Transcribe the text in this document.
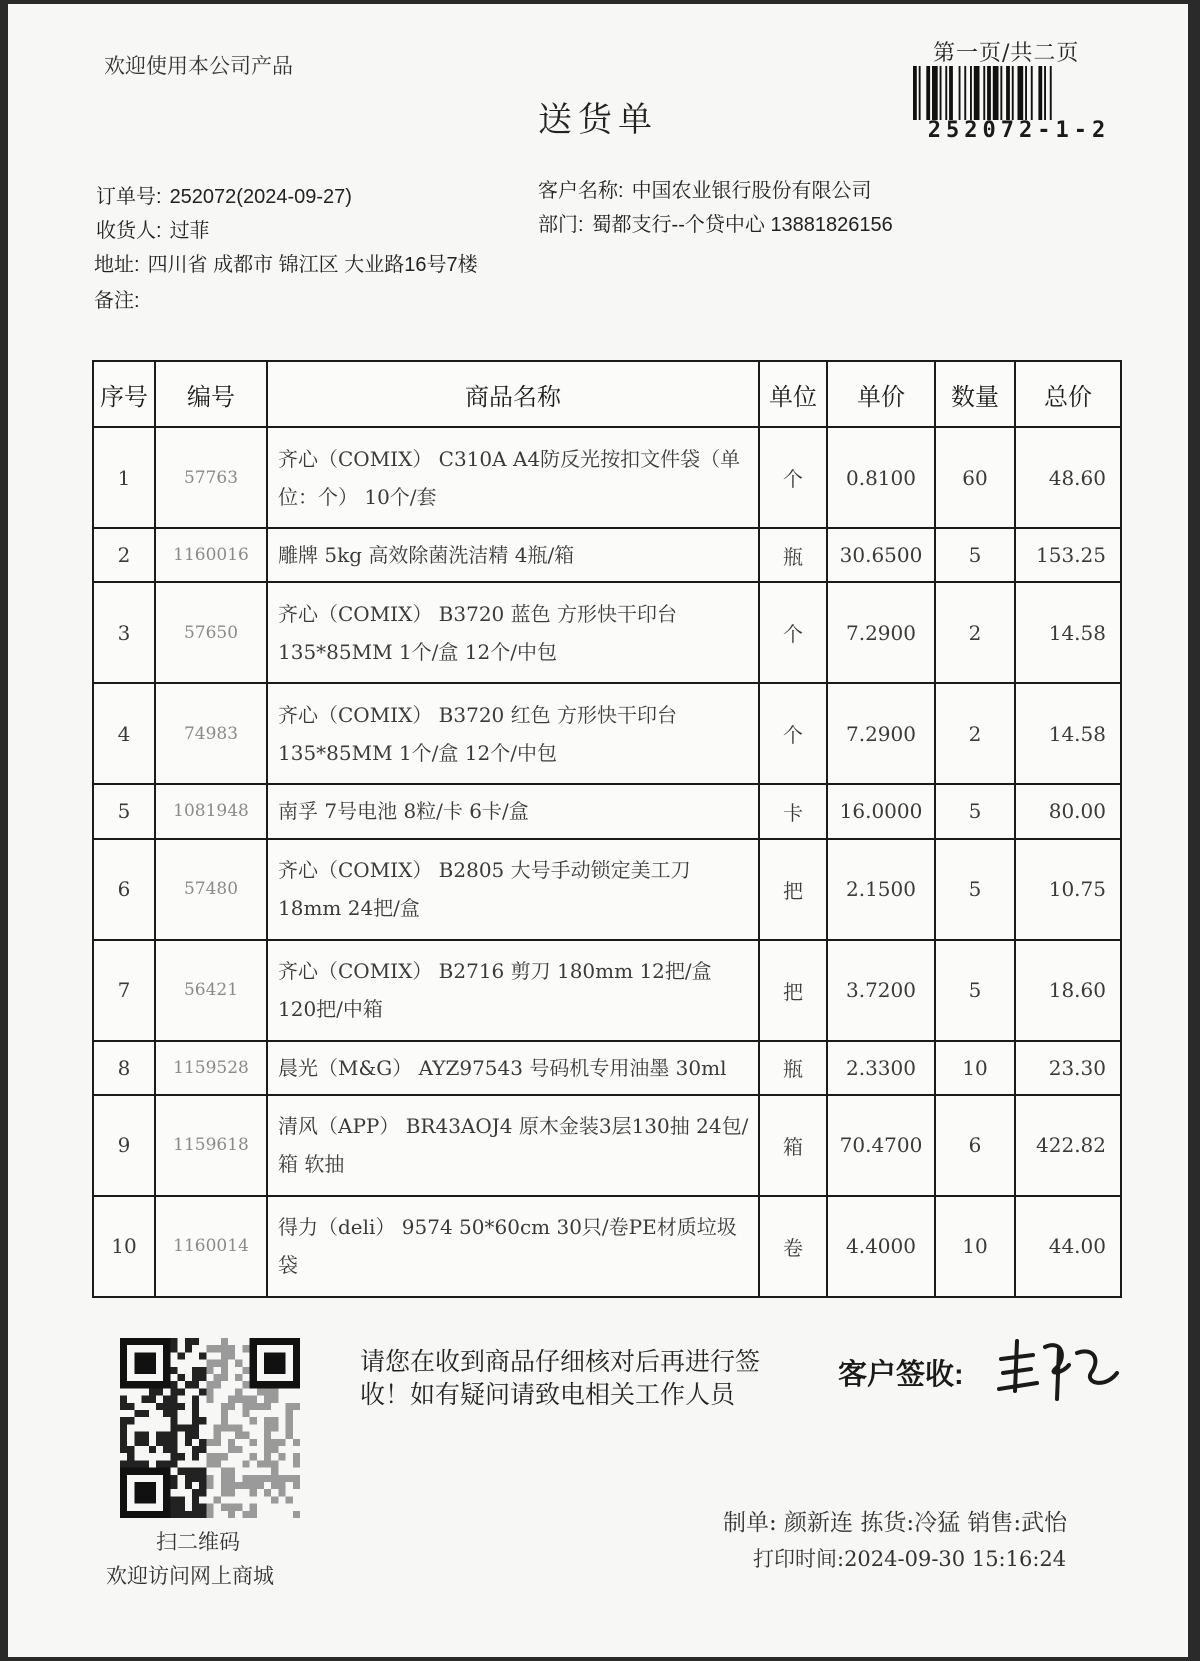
欢迎使用本公司产品
送货单
第一页/共二页
252072-1-2
订单号: 252072(2024-09-27)
收货人: 过菲
地址: 四川省 成都市 锦江区 大业路16号7楼
备注:
客户名称: 中国农业银行股份有限公司
部门: 蜀都支行--个贷中心 13881826156
序号	编号	商品名称	单位	单价	数量	总价
1	57763	齐心（COMIX） C310A A4防反光按扣文件袋（单位：个） 10个/套	个	0.8100	60	48.60
2	1160016	雕牌 5kg 高效除菌洗洁精 4瓶/箱	瓶	30.6500	5	153.25
3	57650	齐心（COMIX） B3720 蓝色 方形快干印台 135*85MM 1个/盒 12个/中包	个	7.2900	2	14.58
4	74983	齐心（COMIX） B3720 红色 方形快干印台 135*85MM 1个/盒 12个/中包	个	7.2900	2	14.58
5	1081948	南孚 7号电池 8粒/卡 6卡/盒	卡	16.0000	5	80.00
6	57480	齐心（COMIX） B2805 大号手动锁定美工刀 18mm 24把/盒	把	2.1500	5	10.75
7	56421	齐心（COMIX） B2716 剪刀 180mm 12把/盒 120把/中箱	把	3.7200	5	18.60
8	1159528	晨光（M&G） AYZ97543 号码机专用油墨 30ml	瓶	2.3300	10	23.30
9	1159618	清风（APP） BR43AOJ4 原木金装3层130抽 24包/箱 软抽	箱	70.4700	6	422.82
10	1160014	得力（deli） 9574 50*60cm 30只/卷PE材质垃圾袋	卷	4.4000	10	44.00
扫二维码
欢迎访问网上商城
请您在收到商品仔细核对后再进行签收！如有疑问请致电相关工作人员
客户签收:
制单: 颜新连 拣货:冷猛 销售:武怡
打印时间:2024-09-30 15:16:24
